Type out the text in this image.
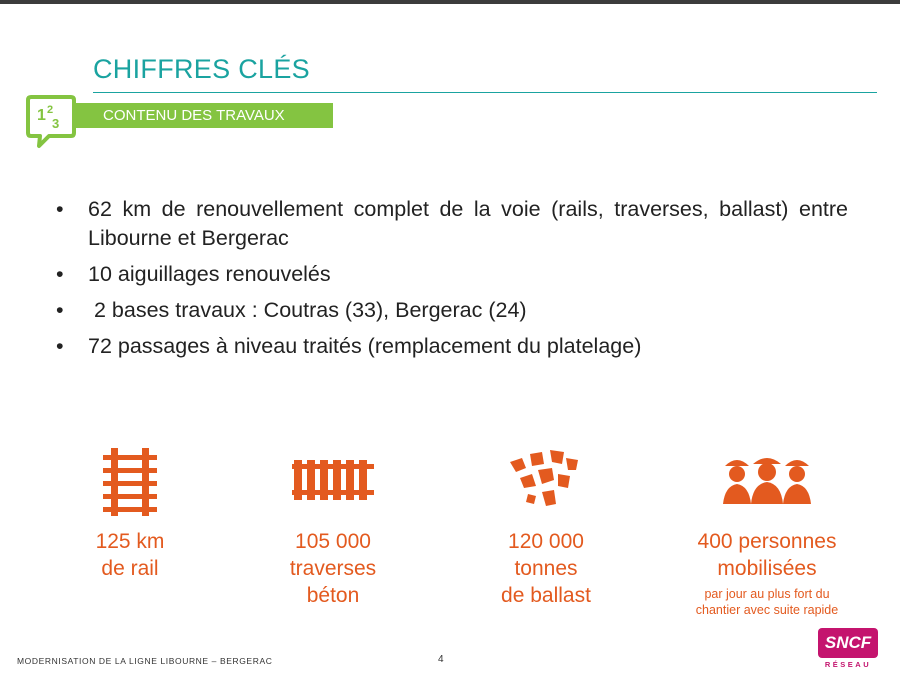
CHIFFRES CLÉS
1 2
3	CONTENU DES TRAVAUX
• 62 km de renouvellement complet de la voie (rails, traverses, ballast) entre Libourne et Bergerac
• 10 aiguillages renouvelés
• 2 bases travaux : Coutras (33), Bergerac (24)
• 72 passages à niveau traités (remplacement du platelage)
125 km
de rail
105 000
traverses
béton
120 000
tonnes
de ballast
400 personnes
mobilisées
par jour au plus fort du
chantier avec suite rapide
MODERNISATION DE LA LIGNE LIBOURNE – BERGERAC	4
SNCF
RÉSEAU
